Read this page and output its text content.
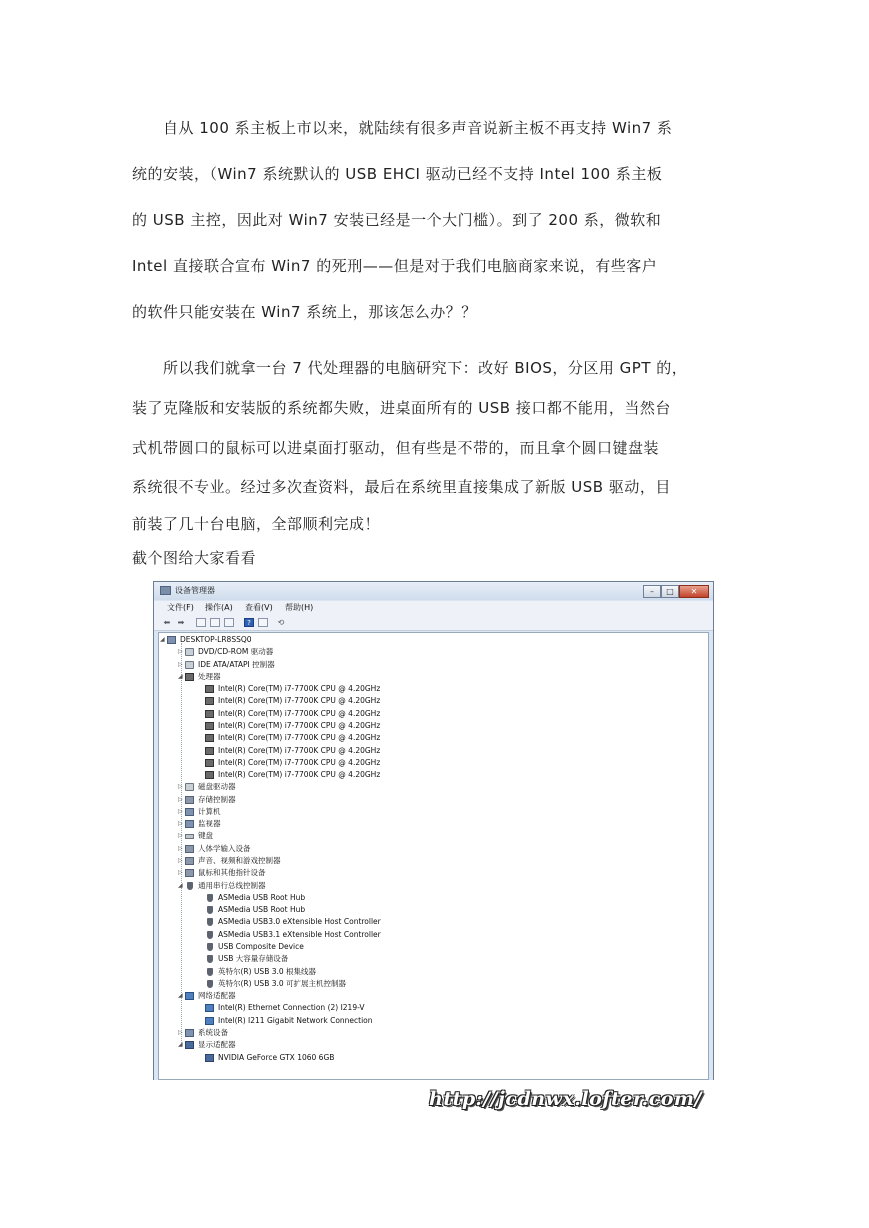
　　自从 100 系主板上市以来，就陆续有很多声音说新主板不再支持 Win7 系
统的安装，（Win7 系统默认的 USB EHCI 驱动已经不支持 Intel 100 系主板
的 USB 主控，因此对 Win7 安装已经是一个大门槛）。到了 200 系，微软和
Intel 直接联合宣布 Win7 的死刑——但是对于我们电脑商家来说，有些客户
的软件只能安装在 Win7 系统上，那该怎么办？？
　　所以我们就拿一台 7 代处理器的电脑研究下：改好 BIOS，分区用 GPT 的，
装了克隆版和安装版的系统都失败，进桌面所有的 USB 接口都不能用，当然台
式机带圆口的鼠标可以进桌面打驱动，但有些是不带的，而且拿个圆口键盘装
系统很不专业。经过多次查资料，最后在系统里直接集成了新版 USB 驱动，目
前装了几十台电脑，全部顺利完成！
截个图给大家看看
设备管理器	–	□	✕
文件(F) 操作(A) 查看(V) 帮助(H)
⬅ ➡	?	⟲
http://jcdnwx.lofter.com/
DESKTOP-LR8SSQ0
◢
DVD/CD-ROM 驱动器
▷
IDE ATA/ATAPI 控制器
▷
处理器
Intel(R) Core(TM) i7-7700K CPU @ 4.20GHz
Intel(R) Core(TM) i7-7700K CPU @ 4.20GHz
Intel(R) Core(TM) i7-7700K CPU @ 4.20GHz
Intel(R) Core(TM) i7-7700K CPU @ 4.20GHz
Intel(R) Core(TM) i7-7700K CPU @ 4.20GHz
Intel(R) Core(TM) i7-7700K CPU @ 4.20GHz
Intel(R) Core(TM) i7-7700K CPU @ 4.20GHz
Intel(R) Core(TM) i7-7700K CPU @ 4.20GHz
◢
磁盘驱动器
▷
存储控制器
▷
计算机
▷
监视器
▷
键盘
▷
人体学输入设备
▷
声音、视频和游戏控制器
▷
鼠标和其他指针设备
▷
通用串行总线控制器
ASMedia USB Root Hub
ASMedia USB Root Hub
ASMedia USB3.0 eXtensible Host Controller
ASMedia USB3.1 eXtensible Host Controller
USB Composite Device
USB 大容量存储设备
英特尔(R) USB 3.0 根集线器
英特尔(R) USB 3.0 可扩展主机控制器
◢
网络适配器
Intel(R) Ethernet Connection (2) I219-V
Intel(R) I211 Gigabit Network Connection
◢
系统设备
▷
显示适配器
NVIDIA GeForce GTX 1060 6GB
◢
